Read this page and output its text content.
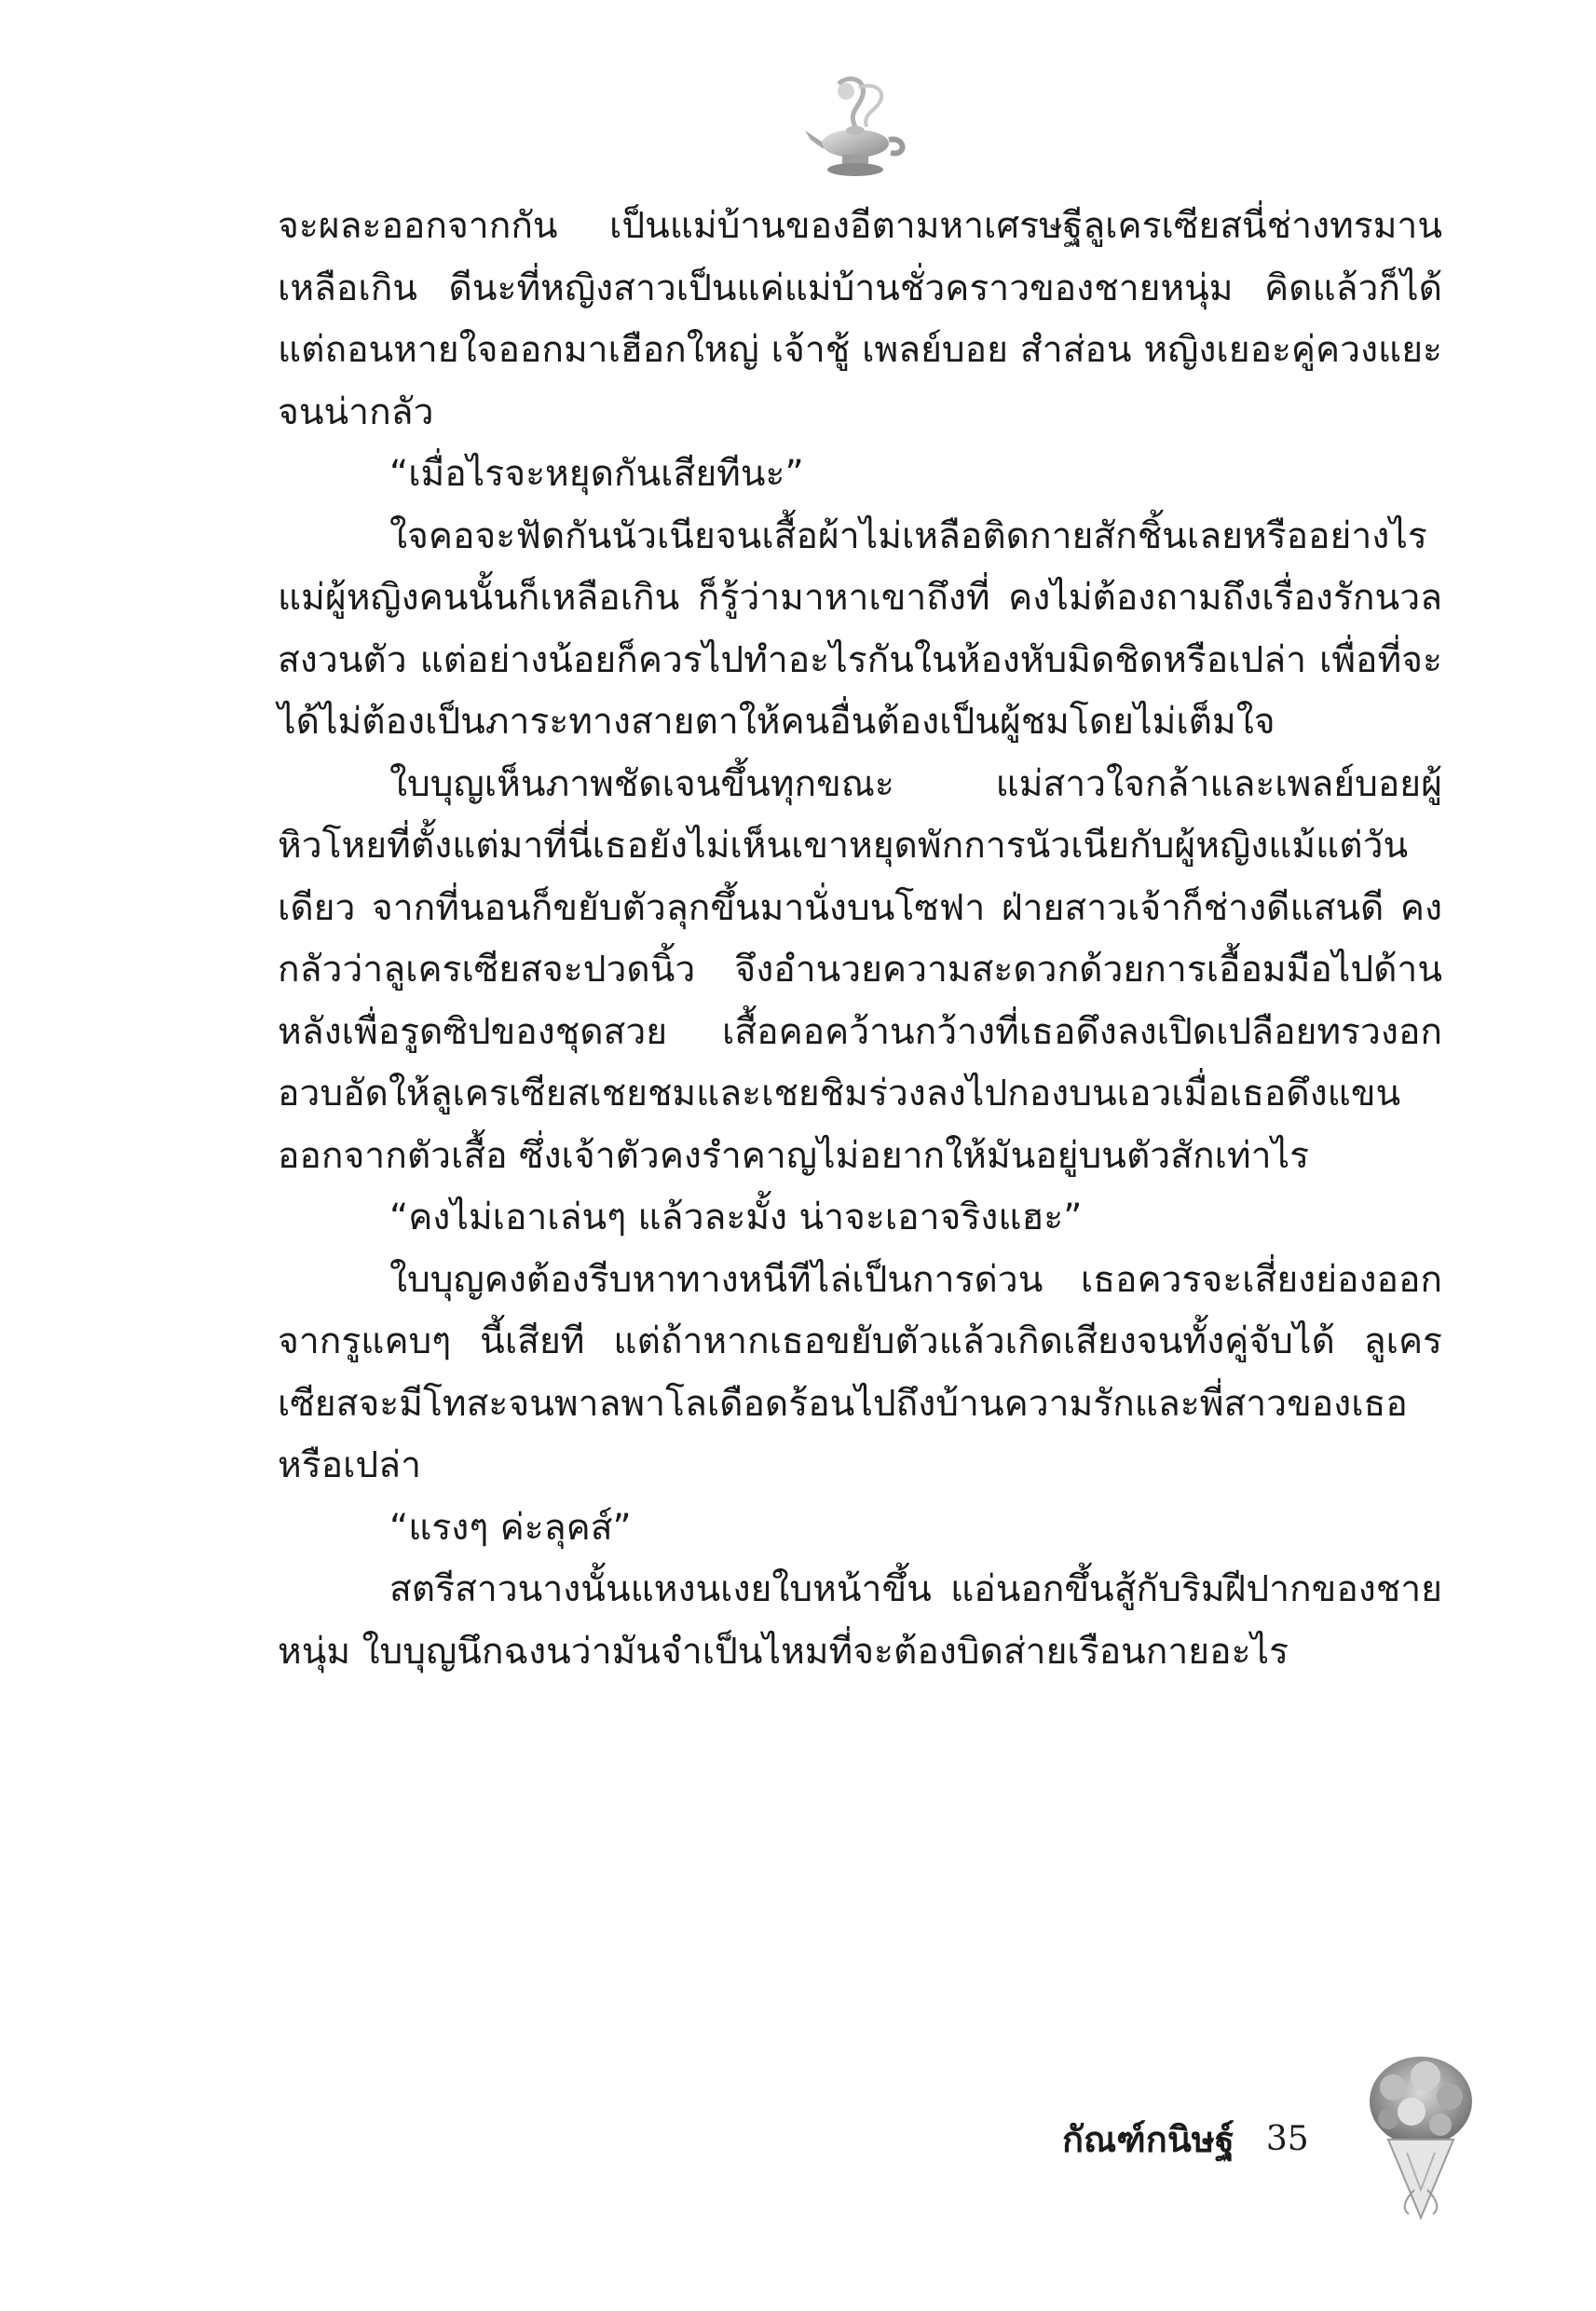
จะผละออกจากกัน เป็นแม่บ้านของอีตามหาเศรษฐีลูเครเซียสนี่ช่างทรมานเหลือเกิน ดีนะที่หญิงสาวเป็นแค่แม่บ้านชั่วคราวของชายหนุ่ม คิดแล้วก็ได้แต่ถอนหายใจออกมาเฮือกใหญ่ เจ้าชู้ เพลย์บอย สำส่อน หญิงเยอะคู่ควงแยะจนน่ากลัว

“เมื่อไรจะหยุดกันเสียทีนะ”

ใจคอจะฟัดกันนัวเนียจนเสื้อผ้าไม่เหลือติดกายสักชิ้นเลยหรืออย่างไร แม่ผู้หญิงคนนั้นก็เหลือเกิน ก็รู้ว่ามาหาเขาถึงที่ คงไม่ต้องถามถึงเรื่องรักนวลสงวนตัว แต่อย่างน้อยก็ควรไปทำอะไรกันในห้องหับมิดชิดหรือเปล่า เพื่อที่จะได้ไม่ต้องเป็นภาระทางสายตาให้คนอื่นต้องเป็นผู้ชมโดยไม่เต็มใจ

ใบบุญเห็นภาพชัดเจนขึ้นทุกขณะ แม่สาวใจกล้าและเพลย์บอยผู้หิวโหยที่ตั้งแต่มาที่นี่เธอยังไม่เห็นเขาหยุดพักการนัวเนียกับผู้หญิงแม้แต่วันเดียว จากที่นอนก็ขยับตัวลุกขึ้นมานั่งบนโซฟา ฝ่ายสาวเจ้าก็ช่างดีแสนดี คงกลัวว่าลูเครเซียสจะปวดนิ้ว จึงอำนวยความสะดวกด้วยการเอื้อมมือไปด้านหลังเพื่อรูดซิปของชุดสวย เสื้อคอคว้านกว้างที่เธอดึงลงเปิดเปลือยทรวงอกอวบอัดให้ลูเครเซียสเชยชมและเชยชิมร่วงลงไปกองบนเอวเมื่อเธอดึงแขนออกจากตัวเสื้อ ซึ่งเจ้าตัวคงรำคาญไม่อยากให้มันอยู่บนตัวสักเท่าไร

“คงไม่เอาเล่นๆ แล้วละมั้ง น่าจะเอาจริงแฮะ”

ใบบุญคงต้องรีบหาทางหนีทีไล่เป็นการด่วน เธอควรจะเสี่ยงย่องออกจากรูแคบๆ นี้เสียที แต่ถ้าหากเธอขยับตัวแล้วเกิดเสียงจนทั้งคู่จับได้ ลูเครเซียสจะมีโทสะจนพาลพาโลเดือดร้อนไปถึงบ้านความรักและพี่สาวของเธอหรือเปล่า

“แรงๆ ค่ะลุคส์”

สตรีสาวนางนั้นแหงนเงยใบหน้าขึ้น แอ่นอกขึ้นสู้กับริมฝีปากของชายหนุ่ม ใบบุญนึกฉงนว่ามันจำเป็นไหมที่จะต้องบิดส่ายเรือนกายอะไร

กัณฑ์กนิษฐ์ 35
